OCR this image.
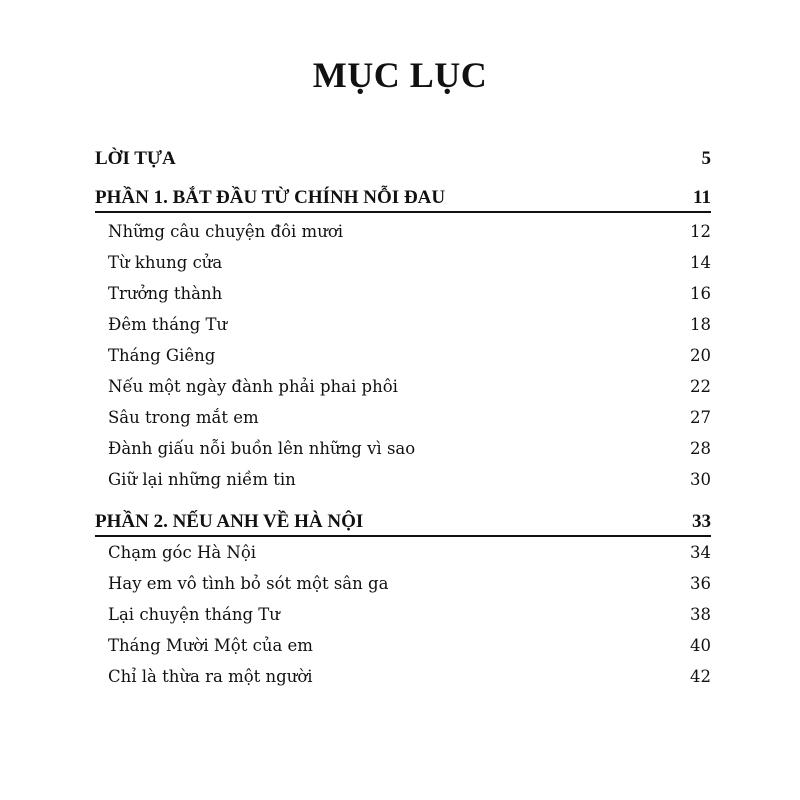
MỤC LỤC
LỜI TỰA	5
PHẦN 1. BẮT ĐẦU TỪ CHÍNH NỖI ĐAU	11
Những câu chuyện đôi mươi	12
Từ khung cửa	14
Trưởng thành	16
Đêm tháng Tư	18
Tháng Giêng	20
Nếu một ngày đành phải phai phôi	22
Sâu trong mắt em	27
Đành giấu nỗi buồn lên những vì sao	28
Giữ lại những niềm tin	30
PHẦN 2. NẾU ANH VỀ HÀ NỘI	33
Chạm góc Hà Nội	34
Hay em vô tình bỏ sót một sân ga	36
Lại chuyện tháng Tư	38
Tháng Mười Một của em	40
Chỉ là thừa ra một người	42
